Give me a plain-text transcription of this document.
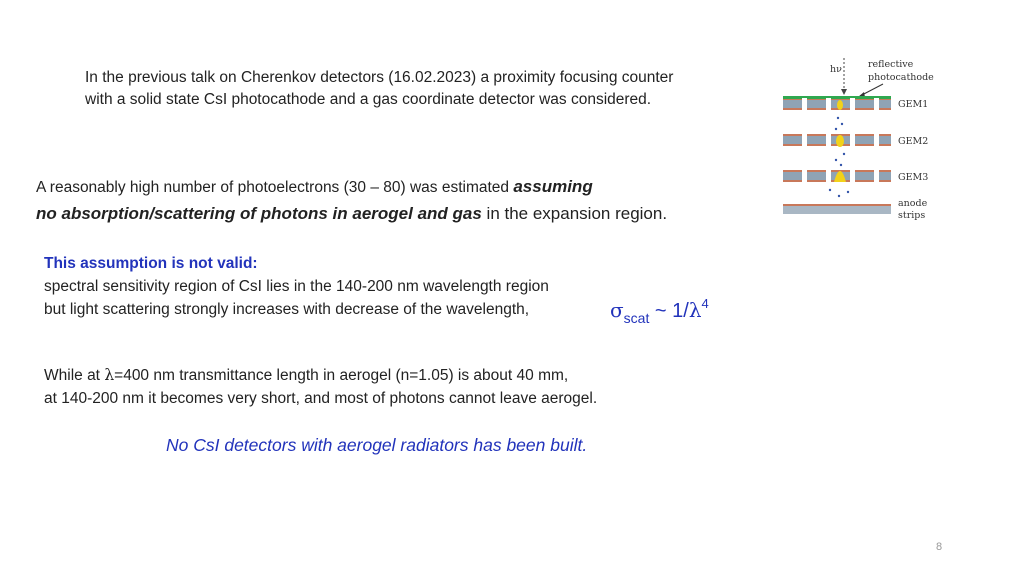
In the previous talk on Cherenkov detectors (16.02.2023) a proximity focusing counter
with a solid state CsI photocathode and a gas coordinate detector was considered.
A reasonably high number of photoelectrons (30 – 80) was estimated assuming
no absorption/scattering of photons in aerogel and gas in the expansion region.
This assumption is not valid:
spectral sensitivity region of CsI lies in the 140-200 nm wavelength region
but light scattering strongly increases with decrease of the wavelength,	$\sigma_{scat}$ ~ $1/\lambda^4$
While at λ=400 nm transmittance length in aerogel (n=1.05) is about 40 mm,
at 140-200 nm it becomes very short, and most of photons cannot leave aerogel.
No CsI detectors with aerogel radiators has been built.
8
hν	reflective
photocathode
GEM1
GEM2
GEM3
anode
strips
